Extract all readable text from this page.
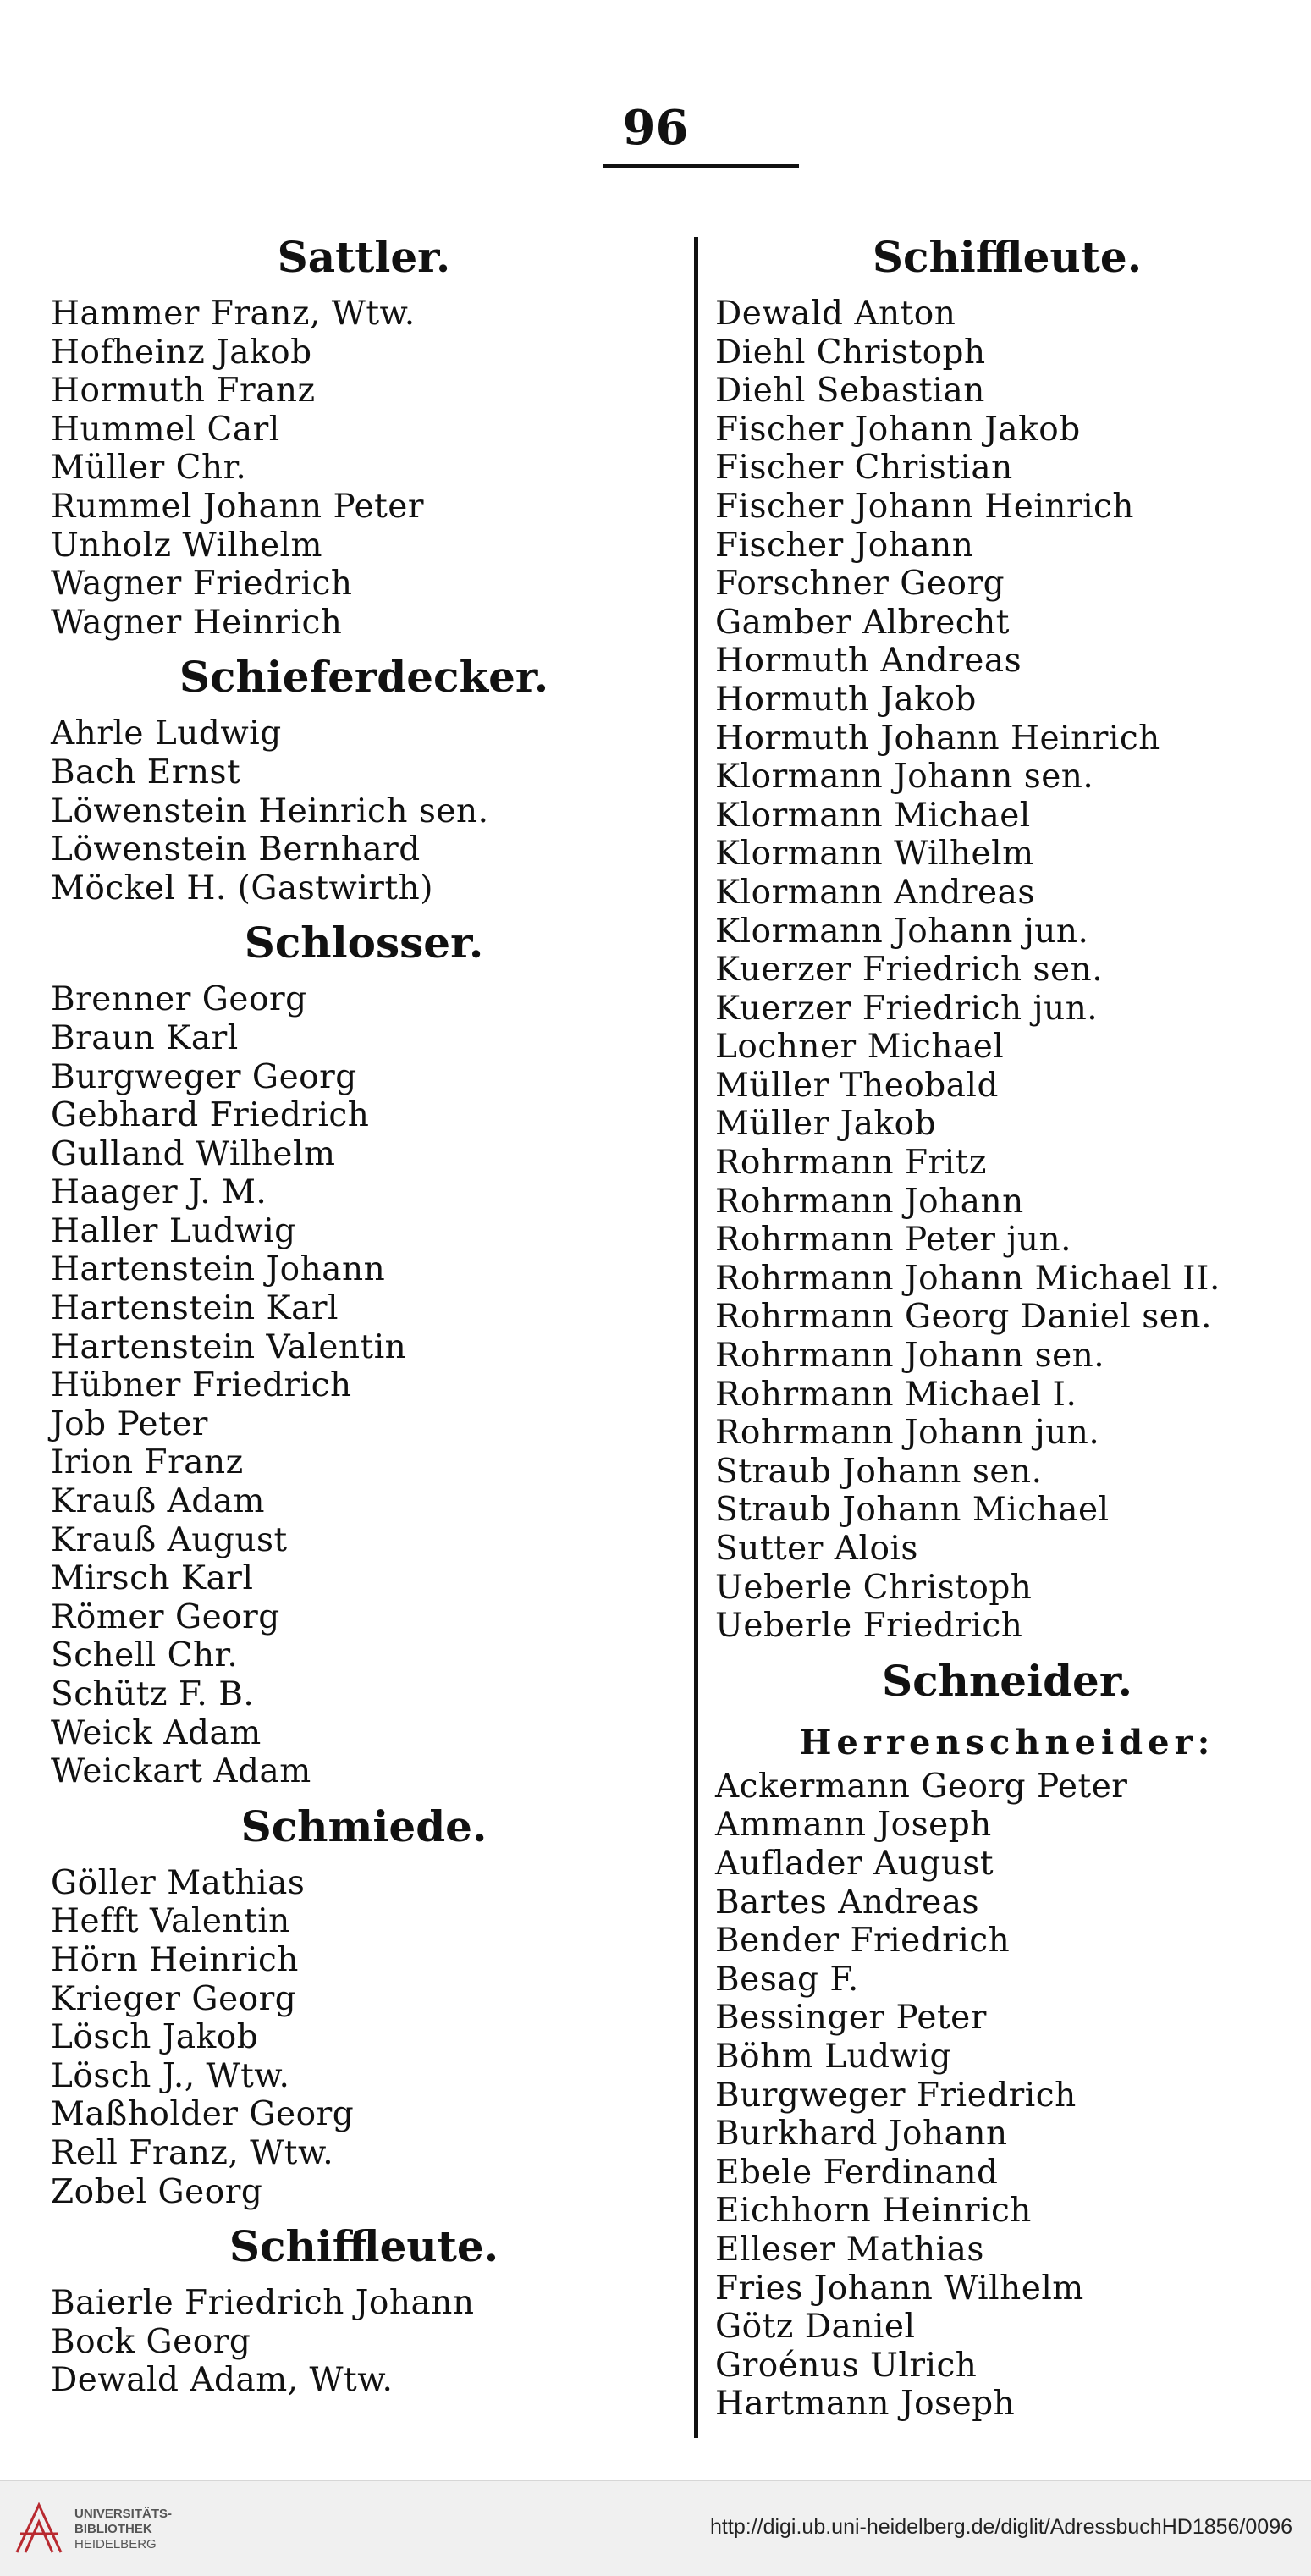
96
Sattler.
Hammer Franz, Wtw.
Hofheinz Jakob
Hormuth Franz
Hummel Carl
Müller Chr.
Rummel Johann Peter
Unholz Wilhelm
Wagner Friedrich
Wagner Heinrich
Schieferdecker.
Ahrle Ludwig
Bach Ernst
Löwenstein Heinrich sen.
Löwenstein Bernhard
Möckel H. (Gastwirth)
Schlosser.
Brenner Georg
Braun Karl
Burgweger Georg
Gebhard Friedrich
Gulland Wilhelm
Haager J. M.
Haller Ludwig
Hartenstein Johann
Hartenstein Karl
Hartenstein Valentin
Hübner Friedrich
Job Peter
Irion Franz
Krauß Adam
Krauß August
Mirsch Karl
Römer Georg
Schell Chr.
Schütz F. B.
Weick Adam
Weickart Adam
Schmiede.
Göller Mathias
Hefft Valentin
Hörn Heinrich
Krieger Georg
Lösch Jakob
Lösch J., Wtw.
Maßholder Georg
Rell Franz, Wtw.
Zobel Georg
Schiffleute.
Baierle Friedrich Johann
Bock Georg
Dewald Adam, Wtw.
Schiffleute.
Dewald Anton
Diehl Christoph
Diehl Sebastian
Fischer Johann Jakob
Fischer Christian
Fischer Johann Heinrich
Fischer Johann
Forschner Georg
Gamber Albrecht
Hormuth Andreas
Hormuth Jakob
Hormuth Johann Heinrich
Klormann Johann sen.
Klormann Michael
Klormann Wilhelm
Klormann Andreas
Klormann Johann jun.
Kuerzer Friedrich sen.
Kuerzer Friedrich jun.
Lochner Michael
Müller Theobald
Müller Jakob
Rohrmann Fritz
Rohrmann Johann
Rohrmann Peter jun.
Rohrmann Johann Michael II.
Rohrmann Georg Daniel sen.
Rohrmann Johann sen.
Rohrmann Michael I.
Rohrmann Johann jun.
Straub Johann sen.
Straub Johann Michael
Sutter Alois
Ueberle Christoph
Ueberle Friedrich
Schneider.
Herrenschneider:
Ackermann Georg Peter
Ammann Joseph
Auflader August
Bartes Andreas
Bender Friedrich
Besag F.
Bessinger Peter
Böhm Ludwig
Burgweger Friedrich
Burkhard Johann
Ebele Ferdinand
Eichhorn Heinrich
Elleser Mathias
Fries Johann Wilhelm
Götz Daniel
Groénus Ulrich
Hartmann Joseph
UNIVERSITÄTS-
BIBLIOTHEK
HEIDELBERG
http://digi.ub.uni-heidelberg.de/diglit/AdressbuchHD1856/0096
